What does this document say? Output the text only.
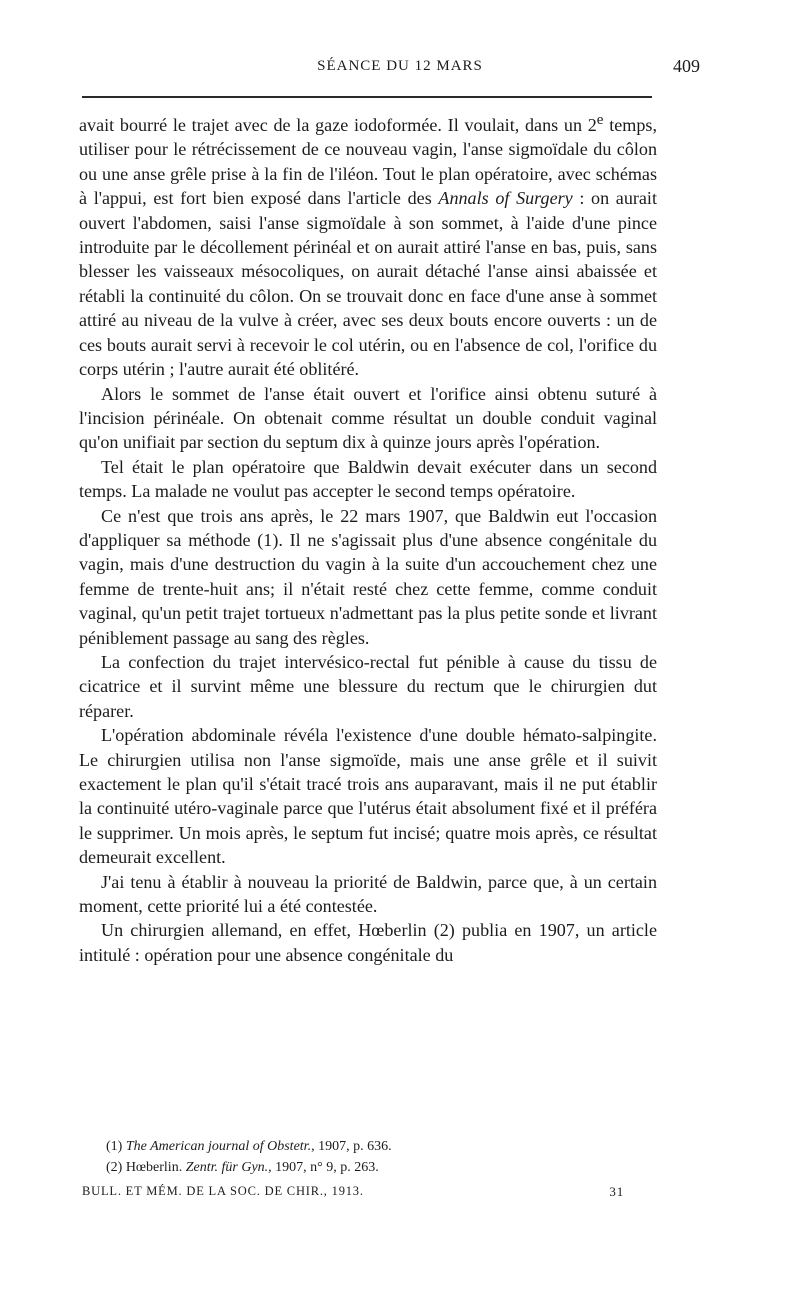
SÉANCE DU 12 MARS	409

avait bourré le trajet avec de la gaze iodoformée. Il voulait, dans un 2e temps, utiliser pour le rétrécissement de ce nouveau vagin, l'anse sigmoïdale du côlon ou une anse grêle prise à la fin de l'iléon. Tout le plan opératoire, avec schémas à l'appui, est fort bien exposé dans l'article des Annals of Surgery : on aurait ouvert l'abdomen, saisi l'anse sigmoïdale à son sommet, à l'aide d'une pince introduite par le décollement périnéal et on aurait attiré l'anse en bas, puis, sans blesser les vaisseaux mésocoliques, on aurait détaché l'anse ainsi abaissée et rétabli la continuité du côlon. On se trouvait donc en face d'une anse à sommet attiré au niveau de la vulve à créer, avec ses deux bouts encore ouverts : un de ces bouts aurait servi à recevoir le col utérin, ou en l'absence de col, l'orifice du corps utérin ; l'autre aurait été oblitéré.

Alors le sommet de l'anse était ouvert et l'orifice ainsi obtenu suturé à l'incision périnéale. On obtenait comme résultat un double conduit vaginal qu'on unifiait par section du septum dix à quinze jours après l'opération.

Tel était le plan opératoire que Baldwin devait exécuter dans un second temps. La malade ne voulut pas accepter le second temps opératoire.

Ce n'est que trois ans après, le 22 mars 1907, que Baldwin eut l'occasion d'appliquer sa méthode (1). Il ne s'agissait plus d'une absence congénitale du vagin, mais d'une destruction du vagin à la suite d'un accouchement chez une femme de trente-huit ans; il n'était resté chez cette femme, comme conduit vaginal, qu'un petit trajet tortueux n'admettant pas la plus petite sonde et livrant péniblement passage au sang des règles.

La confection du trajet intervésico-rectal fut pénible à cause du tissu de cicatrice et il survint même une blessure du rectum que le chirurgien dut réparer.

L'opération abdominale révéla l'existence d'une double hémato-salpingite. Le chirurgien utilisa non l'anse sigmoïde, mais une anse grêle et il suivit exactement le plan qu'il s'était tracé trois ans auparavant, mais il ne put établir la continuité utéro-vaginale parce que l'utérus était absolument fixé et il préféra le supprimer. Un mois après, le septum fut incisé; quatre mois après, ce résultat demeurait excellent.

J'ai tenu à établir à nouveau la priorité de Baldwin, parce que, à un certain moment, cette priorité lui a été contestée.

Un chirurgien allemand, en effet, Hœberlin (2) publia en 1907, un article intitulé : opération pour une absence congénitale du

(1) The American journal of Obstetr., 1907, p. 636.

(2) Hœberlin. Zentr. für Gyn., 1907, n° 9, p. 263.

BULL. ET MÉM. DE LA SOC. DE CHIR., 1913.	31
